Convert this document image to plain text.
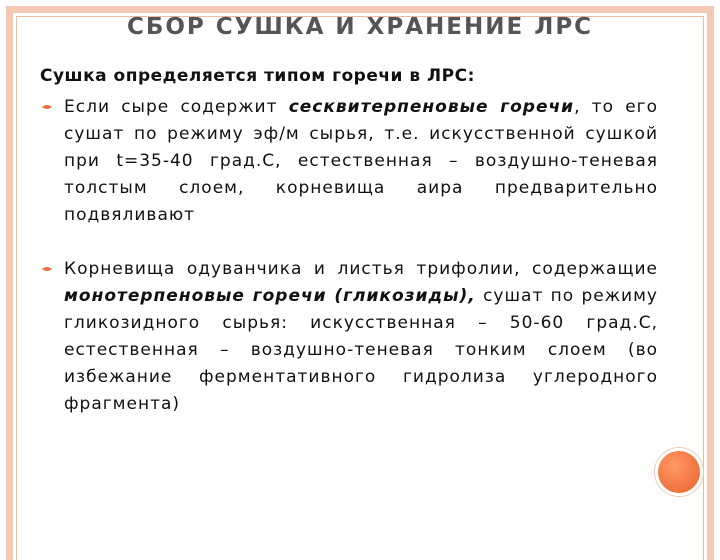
СБОР СУШКА И ХРАНЕНИЕ ЛРС
Сушка определяется типом горечи в ЛРС:
Если сыре содержит сесквитерпеновые горечи, то его сушат по режиму эф/м сырья, т.е. искусственной сушкой при t=35-40 град.С, естественная – воздушно-теневая толстым слоем, корневища аира предварительно подвяливают
Корневища одуванчика и листья трифолии, содержащие монотерпеновые горечи (гликозиды), сушат по режиму гликозидного сырья: искусственная – 50-60 град.С, естественная – воздушно-теневая тонким слоем (во избежание ферментативного гидролиза углеродного фрагмента)
